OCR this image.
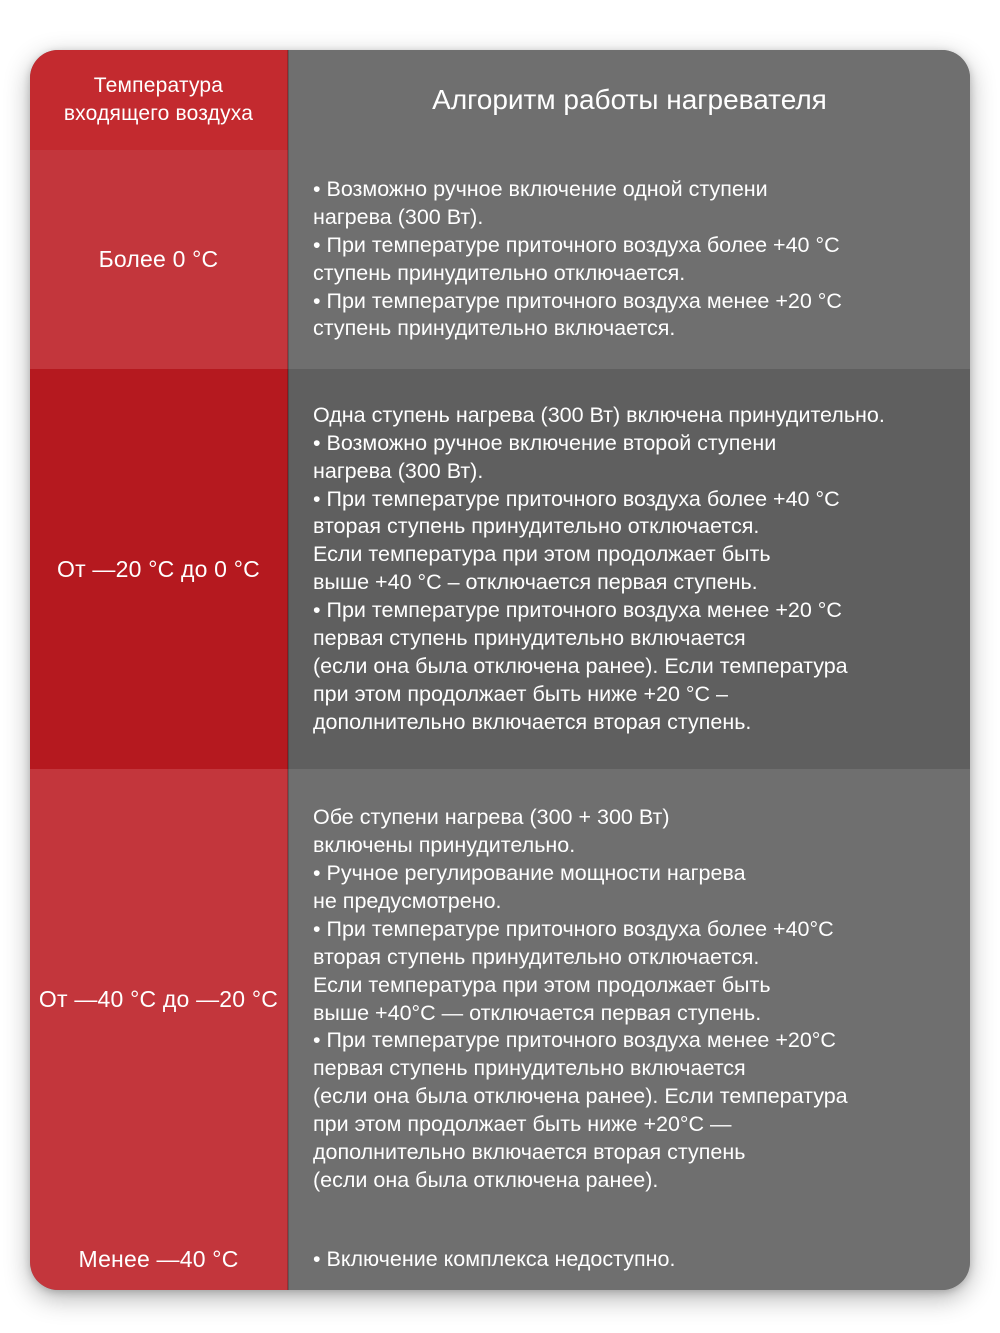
Температура
входящего воздуха	Алгоритм работы нагревателя
Более 0 °C	
• Возможно ручное включение одной ступени
нагрева (300 Вт).
• При температуре приточного воздуха более +40 °C
ступень принудительно отключается.
• При температуре приточного воздуха менее +20 °C
ступень принудительно включается.

От —20 °C до 0 °C	
Одна ступень нагрева (300 Вт) включена принудительно.
• Возможно ручное включение второй ступени
нагрева (300 Вт).
• При температуре приточного воздуха более +40 °C
вторая ступень принудительно отключается.
Если температура при этом продолжает быть
выше +40 °C – отключается первая ступень.
• При температуре приточного воздуха менее +20 °C
первая ступень принудительно включается
(если она была отключена ранее). Если температура
при этом продолжает быть ниже +20 °C –
дополнительно включается вторая ступень.

От —40 °C до —20 °C	
Обе ступени нагрева (300 + 300 Вт)
включены принудительно.
• Ручное регулирование мощности нагрева
не предусмотрено.
• При температуре приточного воздуха более +40°C
вторая ступень принудительно отключается.
Если температура при этом продолжает быть
выше +40°C — отключается первая ступень.
• При температуре приточного воздуха менее +20°C
первая ступень принудительно включается
(если она была отключена ранее). Если температура
при этом продолжает быть ниже +20°C —
дополнительно включается вторая ступень
(если она была отключена ранее).

Менее —40 °C	• Включение комплекса недоступно.
